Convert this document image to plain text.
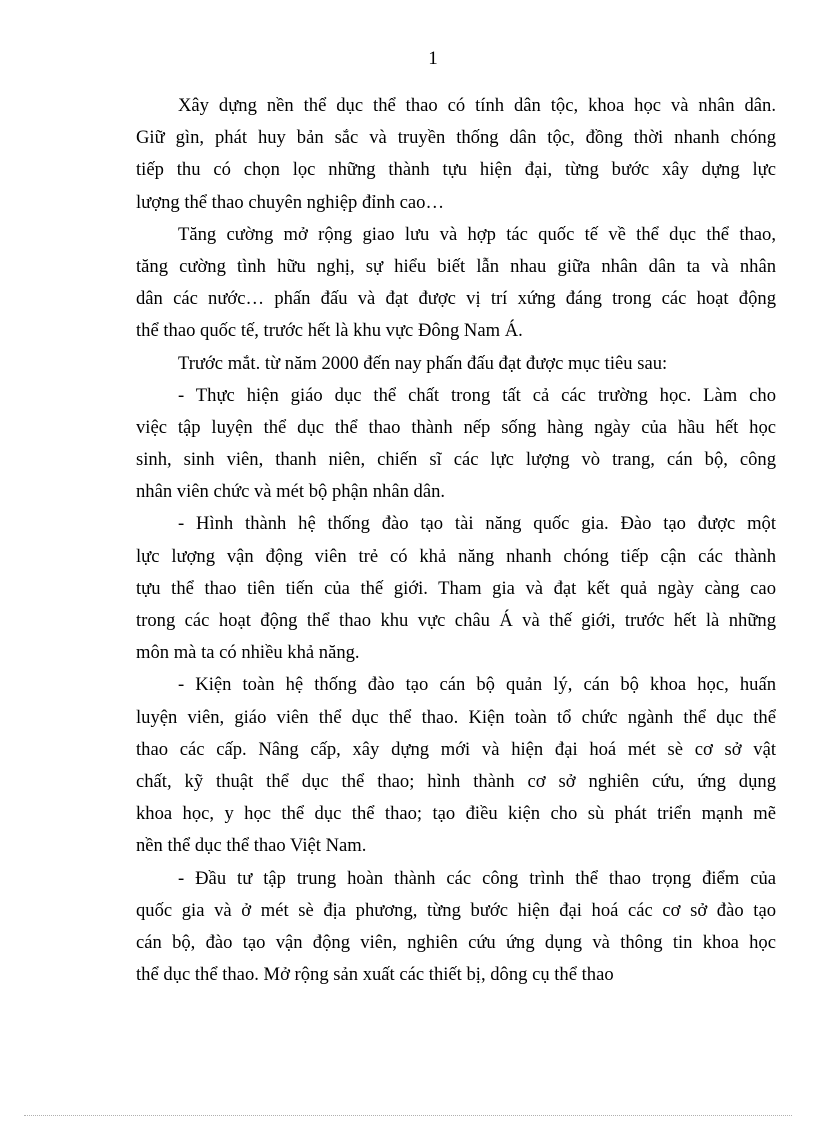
1
Xây dựng nền thể dục thể thao có tính dân tộc, khoa học và nhân dân.
Giữ gìn, phát huy bản sắc và truyền thống dân tộc, đồng thời nhanh chóng
tiếp thu có chọn lọc những thành tựu hiện đại, từng bước xây dựng lực
lượng thể thao chuyên nghiệp đỉnh cao…
Tăng cường mở rộng giao lưu và hợp tác quốc tế về thể dục thể thao,
tăng cường tình hữu nghị, sự hiểu biết lẫn nhau giữa nhân dân ta và nhân
dân các nước… phấn đấu và đạt được vị trí xứng đáng trong các hoạt động
thể thao quốc tế, trước hết là khu vực Đông Nam Á.
Trước mắt. từ năm 2000 đến nay phấn đấu đạt được mục tiêu sau:
- Thực hiện giáo dục thể chất trong tất cả các trường học. Làm cho
việc tập luyện thể dục thể thao thành nếp sống hàng ngày của hầu hết học
sinh, sinh viên, thanh niên, chiến sĩ các lực lượng vò trang, cán bộ, công
nhân viên chức và mét bộ phận nhân dân.
- Hình thành hệ thống đào tạo tài năng quốc gia. Đào tạo được một
lực lượng vận động viên trẻ có khả năng nhanh chóng tiếp cận các thành
tựu thể thao tiên tiến của thế giới. Tham gia và đạt kết quả ngày càng cao
trong các hoạt động thể thao khu vực châu Á và thế giới, trước hết là những
môn mà ta có nhiều khả năng.
- Kiện toàn hệ thống đào tạo cán bộ quản lý, cán bộ khoa học, huấn
luyện viên, giáo viên thể dục thể thao. Kiện toàn tổ chức ngành thể dục thể
thao các cấp. Nâng cấp, xây dựng mới và hiện đại hoá mét sè cơ sở vật
chất, kỹ thuật thể dục thể thao; hình thành cơ sở nghiên cứu, ứng dụng
khoa học, y học thể dục thể thao; tạo điều kiện cho sù phát triển mạnh mẽ
nền thể dục thể thao Việt Nam.
- Đầu tư tập trung hoàn thành các công trình thể thao trọng điểm của
quốc gia và ở mét sè địa phương, từng bước hiện đại hoá các cơ sở đào tạo
cán bộ, đào tạo vận động viên, nghiên cứu ứng dụng và thông tin khoa học
thể dục thể thao. Mở rộng sản xuất các thiết bị, dông cụ thể thao
